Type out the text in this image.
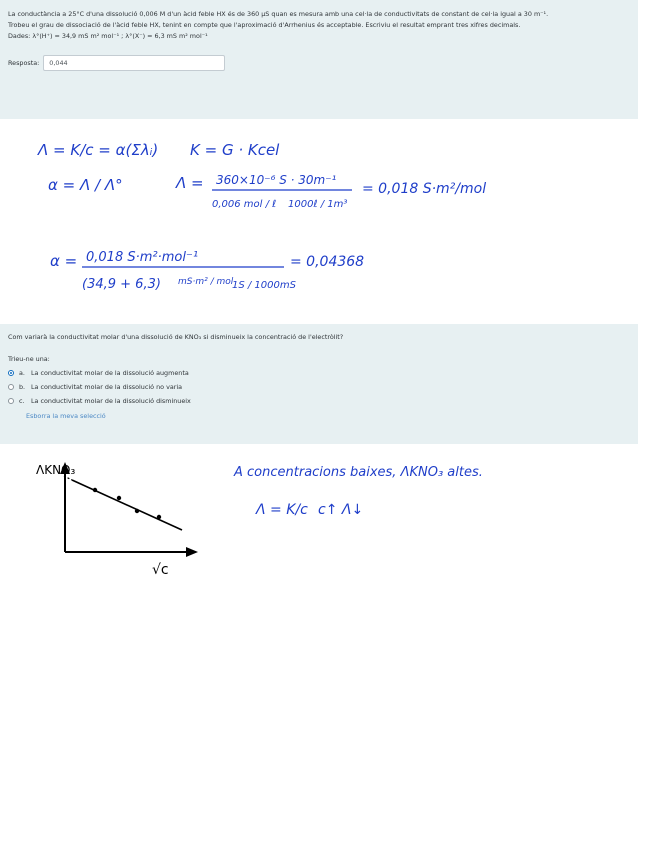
La conductància a 25°C d'una dissolució 0,006 M d'un àcid feble HX és de 360 µS quan es mesura amb una cel·la de conductivitats de constant de cel·la igual a 30 m⁻¹.

Trobeu el grau de dissociació de l'àcid feble HX, tenint en compte que l'aproximació d'Arrhenius és acceptable. Escriviu el resultat emprant tres xifres decimals.

Dades: λ°(H⁺) = 34,9 mS m² mol⁻¹ ; λ°(X⁻) = 6,3 mS m² mol⁻¹

Resposta:
0,044
Λ = K/c = α(Σλᵢ) K = G · Kcel
α = Λ / Λ°	Λ = 360×10⁻⁶ S · 30m⁻¹
0,006 mol / ℓ 1000ℓ / 1m³
= 0,018 S·m²/mol
α = 0,018 S·m²·mol⁻¹
(34,9 + 6,3) mS·m² / mol
1S / 1000mS
= 0,04368

Com variarà la conductivitat molar d'una dissolució de KNO₃ si disminueix la concentració de l'electròlit?

Trieu-ne una:
a. La conductivitat molar de la dissolució augmenta
b. La conductivitat molar de la dissolució no varia
c.	La conductivitat molar de la dissolució disminueix
Esborra la meva selecció
ΛKNO₃
√c
A concentracions baixes, ΛKNO₃ altes.
Λ = K/c c↑ Λ↓
